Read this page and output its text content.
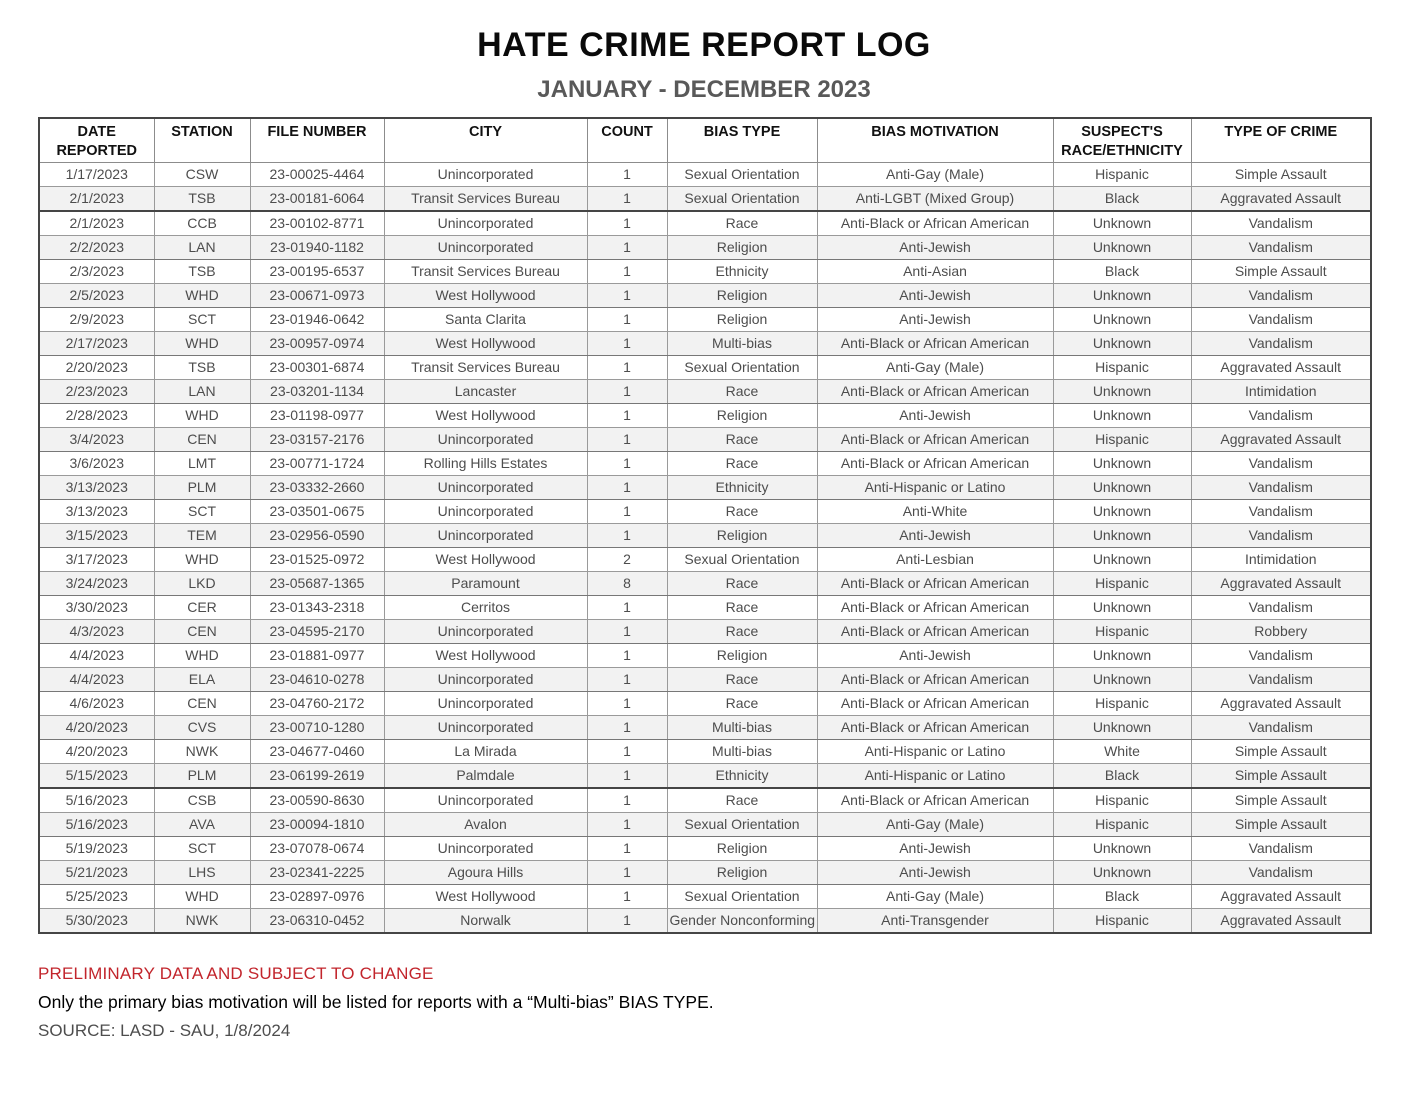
HATE CRIME REPORT LOG
JANUARY - DECEMBER 2023
DATE REPORTED	STATION	FILE NUMBER	CITY	COUNT	BIAS TYPE	BIAS MOTIVATION	SUSPECT'S RACE/ETHNICITY	TYPE OF CRIME
1/17/2023	CSW	23-00025-4464	Unincorporated	1	Sexual Orientation	Anti-Gay (Male)	Hispanic	Simple Assault
2/1/2023	TSB	23-00181-6064	Transit Services Bureau	1	Sexual Orientation	Anti-LGBT (Mixed Group)	Black	Aggravated Assault
2/1/2023	CCB	23-00102-8771	Unincorporated	1	Race	Anti-Black or African American	Unknown	Vandalism
2/2/2023	LAN	23-01940-1182	Unincorporated	1	Religion	Anti-Jewish	Unknown	Vandalism
2/3/2023	TSB	23-00195-6537	Transit Services Bureau	1	Ethnicity	Anti-Asian	Black	Simple Assault
2/5/2023	WHD	23-00671-0973	West Hollywood	1	Religion	Anti-Jewish	Unknown	Vandalism
2/9/2023	SCT	23-01946-0642	Santa Clarita	1	Religion	Anti-Jewish	Unknown	Vandalism
2/17/2023	WHD	23-00957-0974	West Hollywood	1	Multi-bias	Anti-Black or African American	Unknown	Vandalism
2/20/2023	TSB	23-00301-6874	Transit Services Bureau	1	Sexual Orientation	Anti-Gay (Male)	Hispanic	Aggravated Assault
2/23/2023	LAN	23-03201-1134	Lancaster	1	Race	Anti-Black or African American	Unknown	Intimidation
2/28/2023	WHD	23-01198-0977	West Hollywood	1	Religion	Anti-Jewish	Unknown	Vandalism
3/4/2023	CEN	23-03157-2176	Unincorporated	1	Race	Anti-Black or African American	Hispanic	Aggravated Assault
3/6/2023	LMT	23-00771-1724	Rolling Hills Estates	1	Race	Anti-Black or African American	Unknown	Vandalism
3/13/2023	PLM	23-03332-2660	Unincorporated	1	Ethnicity	Anti-Hispanic or Latino	Unknown	Vandalism
3/13/2023	SCT	23-03501-0675	Unincorporated	1	Race	Anti-White	Unknown	Vandalism
3/15/2023	TEM	23-02956-0590	Unincorporated	1	Religion	Anti-Jewish	Unknown	Vandalism
3/17/2023	WHD	23-01525-0972	West Hollywood	2	Sexual Orientation	Anti-Lesbian	Unknown	Intimidation
3/24/2023	LKD	23-05687-1365	Paramount	8	Race	Anti-Black or African American	Hispanic	Aggravated Assault
3/30/2023	CER	23-01343-2318	Cerritos	1	Race	Anti-Black or African American	Unknown	Vandalism
4/3/2023	CEN	23-04595-2170	Unincorporated	1	Race	Anti-Black or African American	Hispanic	Robbery
4/4/2023	WHD	23-01881-0977	West Hollywood	1	Religion	Anti-Jewish	Unknown	Vandalism
4/4/2023	ELA	23-04610-0278	Unincorporated	1	Race	Anti-Black or African American	Unknown	Vandalism
4/6/2023	CEN	23-04760-2172	Unincorporated	1	Race	Anti-Black or African American	Hispanic	Aggravated Assault
4/20/2023	CVS	23-00710-1280	Unincorporated	1	Multi-bias	Anti-Black or African American	Unknown	Vandalism
4/20/2023	NWK	23-04677-0460	La Mirada	1	Multi-bias	Anti-Hispanic or Latino	White	Simple Assault
5/15/2023	PLM	23-06199-2619	Palmdale	1	Ethnicity	Anti-Hispanic or Latino	Black	Simple Assault
5/16/2023	CSB	23-00590-8630	Unincorporated	1	Race	Anti-Black or African American	Hispanic	Simple Assault
5/16/2023	AVA	23-00094-1810	Avalon	1	Sexual Orientation	Anti-Gay (Male)	Hispanic	Simple Assault
5/19/2023	SCT	23-07078-0674	Unincorporated	1	Religion	Anti-Jewish	Unknown	Vandalism
5/21/2023	LHS	23-02341-2225	Agoura Hills	1	Religion	Anti-Jewish	Unknown	Vandalism
5/25/2023	WHD	23-02897-0976	West Hollywood	1	Sexual Orientation	Anti-Gay (Male)	Black	Aggravated Assault
5/30/2023	NWK	23-06310-0452	Norwalk	1	Gender Nonconforming	Anti-Transgender	Hispanic	Aggravated Assault
PRELIMINARY DATA AND SUBJECT TO CHANGE
Only the primary bias motivation will be listed for reports with a “Multi-bias” BIAS TYPE.
SOURCE: LASD - SAU, 1/8/2024
